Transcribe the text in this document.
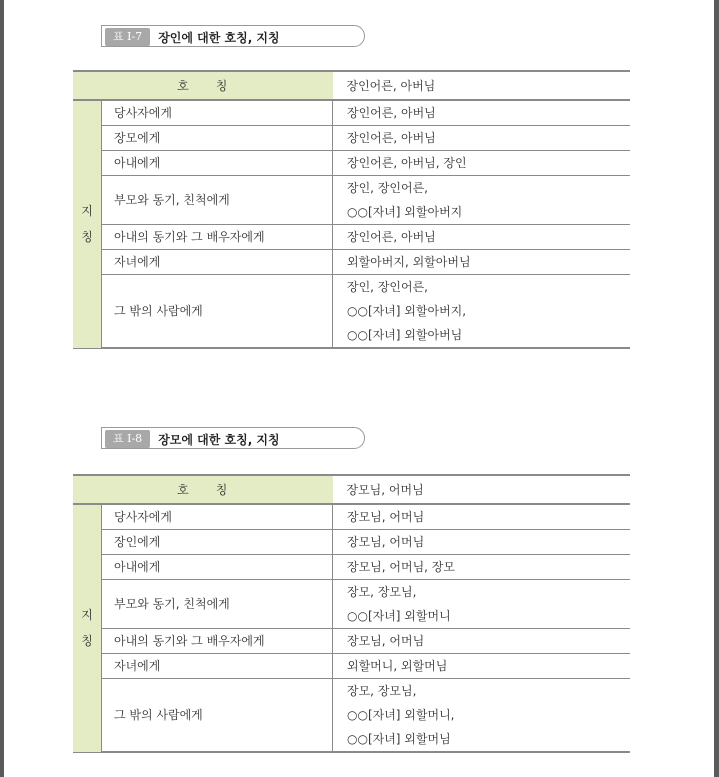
표 Ⅰ-7	장인에 대한 호칭, 지칭
호 칭		장인어른, 아버님

지
칭	당사자에게	장인어른, 아버님
	장모에게	장인어른, 아버님
	아내에게	장인어른, 아버님, 장인
	부모와 동기, 친척에게	장인, 장인어른,
○○[자녀] 외할아버지

	아내의 동기와 그 배우자에게	장인어른, 아버님
	자녀에게	외할아버지, 외할아버님
	그 밖의 사람에게	장인, 장인어른,
○○[자녀] 외할아버지,
○○[자녀] 외할아버님
표 Ⅰ-8	장모에 대한 호칭, 지칭
호 칭		장모님, 어머님

지
칭	당사자에게	장모님, 어머님
	장인에게	장모님, 어머님
	아내에게	장모님, 어머님, 장모
	부모와 동기, 친척에게	장모, 장모님,
○○[자녀] 외할머니

	아내의 동기와 그 배우자에게	장모님, 어머님
	자녀에게	외할머니, 외할머님
	그 밖의 사람에게	장모, 장모님,
○○[자녀] 외할머니,
○○[자녀] 외할머님
